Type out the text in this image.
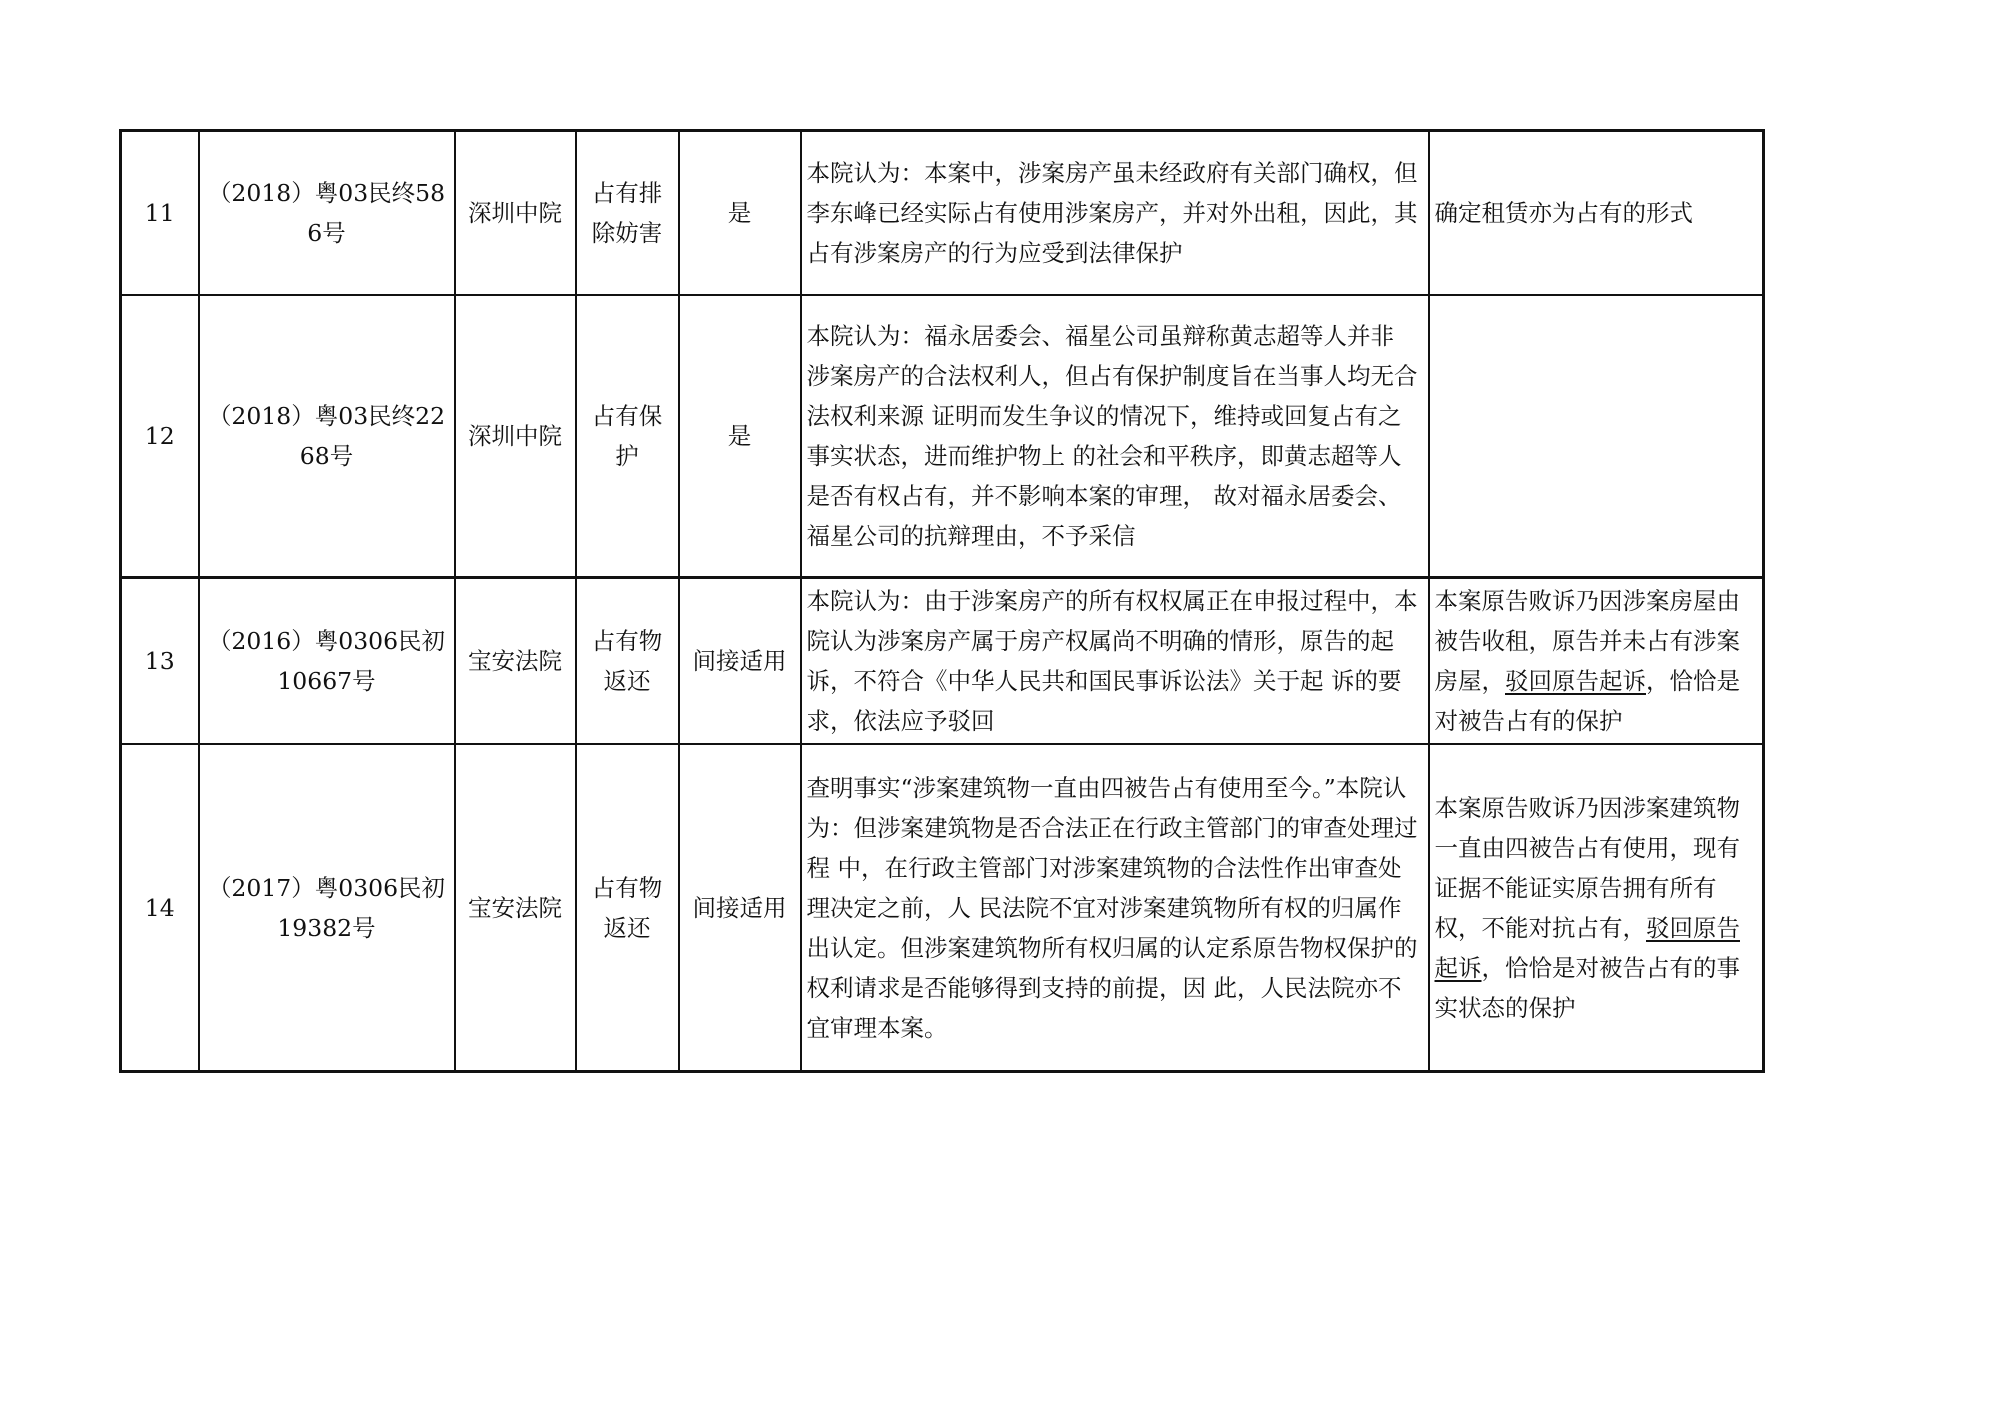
11	（2018）粤03民终586号	深圳中院	占有排除妨害	是	本院认为：本案中，涉案房产虽未经政府有关部门确权，但李东峰已经实际占有使用涉案房产，并对外出租，因此，其占有涉案房产的行为应受到法律保护	确定租赁亦为占有的形式
12	（2018）粤03民终2268号	深圳中院	占有保护	是	本院认为：福永居委会、福星公司虽辩称黄志超等人并非 涉案房产的合法权利人，但占有保护制度旨在当事人均无合法权利来源 证明而发生争议的情况下，维持或回复占有之事实状态，进而维护物上 的社会和平秩序，即黄志超等人是否有权占有，并不影响本案的审理， 故对福永居委会、福星公司的抗辩理由，不予采信	
13	（2016）粤0306民初10667号	宝安法院	占有物返还	间接适用	本院认为：由于涉案房产的所有权权属正在申报过程中，本院认为涉案房产属于房产权属尚不明确的情形，原告的起诉，不符合《中华人民共和国民事诉讼法》关于起 诉的要求，依法应予驳回	本案原告败诉乃因涉案房屋由被告收租，原告并未占有涉案房屋，驳回原告起诉，恰恰是对被告占有的保护
14	（2017）粤0306民初19382号	宝安法院	占有物返还	间接适用	查明事实“涉案建筑物一直由四被告占有使用至今。”本院认为：但涉案建筑物是否合法正在行政主管部门的审查处理过程 中，在行政主管部门对涉案建筑物的合法性作出审查处理决定之前，人 民法院不宜对涉案建筑物所有权的归属作出认定。但涉案建筑物所有权归属的认定系原告物权保护的权利请求是否能够得到支持的前提，因 此，人民法院亦不宜审理本案。	本案原告败诉乃因涉案建筑物一直由四被告占有使用，现有证据不能证实原告拥有所有权，不能对抗占有，驳回原告起诉，恰恰是对被告占有的事实状态的保护
